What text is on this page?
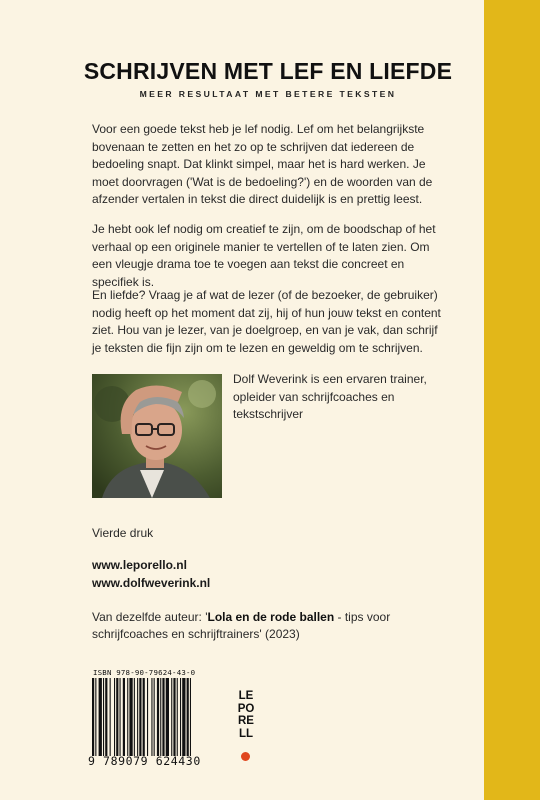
SCHRIJVEN MET LEF EN LIEFDE
MEER RESULTAAT MET BETERE TEKSTEN

Voor een goede tekst heb je lef nodig. Lef om het belangrijkste bovenaan te zetten en het zo op te schrijven dat iedereen de bedoeling snapt. Dat klinkt simpel, maar het is hard werken. Je moet doorvragen ('Wat is de bedoeling?') en de woorden van de afzender vertalen in tekst die direct duidelijk is en prettig leest.

Je hebt ook lef nodig om creatief te zijn, om de boodschap of het verhaal op een originele manier te vertellen of te laten zien. Om een vleugje drama toe te voegen aan tekst die concreet en specifiek is.

En liefde? Vraag je af wat de lezer (of de bezoeker, de gebruiker) nodig heeft op het moment dat zij, hij of hun jouw tekst en content ziet. Hou van je lezer, van je doelgroep, en van je vak, dan schrijf je teksten die fijn zijn om te lezen en geweldig om te schrijven.

Dolf Weverink is een ervaren trainer, opleider van schrijfcoaches en tekstschrijver

Vierde druk
www.leporello.nl
www.dolfweverink.nl

Van dezelfde auteur: 'Lola en de rode ballen - tips voor schrijfcoaches en schrijftrainers' (2023)

ISBN 978-90-79624-43-0
9 789079 624430
LE
PO
RE
LL
